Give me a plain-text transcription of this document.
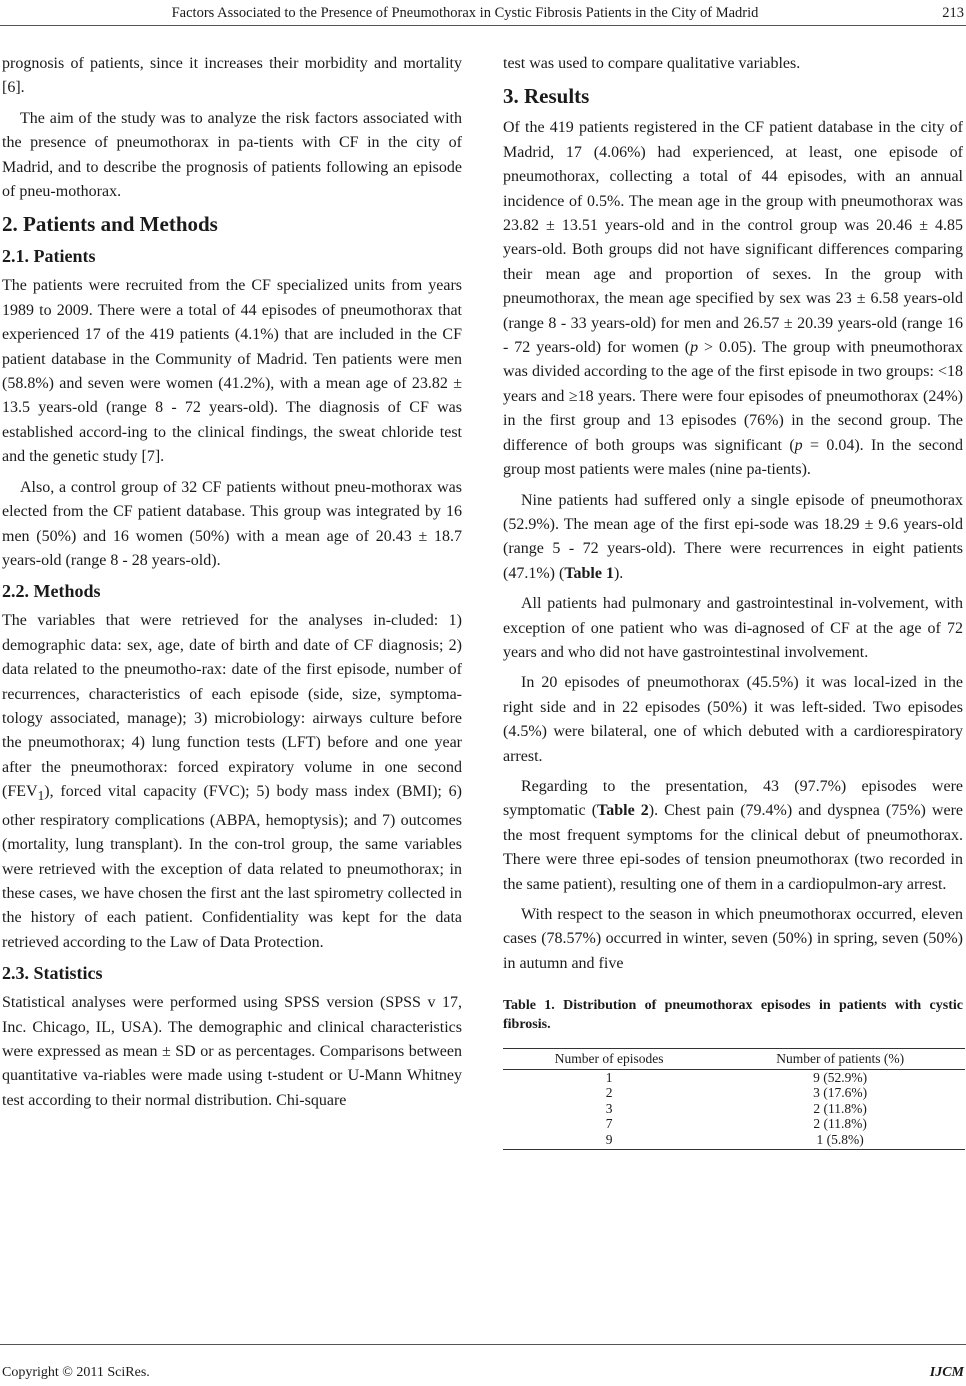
Factors Associated to the Presence of Pneumothorax in Cystic Fibrosis Patients in the City of Madrid	213

prognosis of patients, since it increases their morbidity and mortality [6].

The aim of the study was to analyze the risk factors associated with the presence of pneumothorax in pa-tients with CF in the city of Madrid, and to describe the prognosis of patients following an episode of pneu-mothorax.

2. Patients and Methods
2.1. Patients

The patients were recruited from the CF specialized units from years 1989 to 2009. There were a total of 44 episodes of pneumothorax that experienced 17 of the 419 patients (4.1%) that are included in the CF patient database in the Community of Madrid. Ten patients were men (58.8%) and seven were women (41.2%), with a mean age of 23.82 ± 13.5 years-old (range 8 - 72 years-old). The diagnosis of CF was established accord-ing to the clinical findings, the sweat chloride test and the genetic study [7].

Also, a control group of 32 CF patients without pneu-mothorax was elected from the CF patient database. This group was integrated by 16 men (50%) and 16 women (50%) with a mean age of 20.43 ± 18.7 years-old (range 8 - 28 years-old).

2.2. Methods

The variables that were retrieved for the analyses in-cluded: 1) demographic data: sex, age, date of birth and date of CF diagnosis; 2) data related to the pneumotho-rax: date of the first episode, number of recurrences, characteristics of each episode (side, size, symptoma-tology associated, manage); 3) microbiology: airways culture before the pneumothorax; 4) lung function tests (LFT) before and one year after the pneumothorax: forced expiratory volume in one second $(FEV_1)$, forced vital capacity (FVC); 5) body mass index (BMI); 6) other respiratory complications (ABPA, hemoptysis); and 7) outcomes (mortality, lung transplant). In the con-trol group, the same variables were retrieved with the exception of data related to pneumothorax; in these cases, we have chosen the first ant the last spirometry collected in the history of each patient. Confidentiality was kept for the data retrieved according to the Law of Data Protection.

2.3. Statistics

Statistical analyses were performed using SPSS version (SPSS v 17, Inc. Chicago, IL, USA). The demographic and clinical characteristics were expressed as mean ± SD or as percentages. Comparisons between quantitative va-riables were made using t-student or U-Mann Whitney test according to their normal distribution. Chi-square

test was used to compare qualitative variables.

3. Results

Of the 419 patients registered in the CF patient database in the city of Madrid, 17 (4.06%) had experienced, at least, one episode of pneumothorax, collecting a total of 44 episodes, with an annual incidence of 0.5%. The mean age in the group with pneumothorax was 23.82 ± 13.51 years-old and in the control group was 20.46 ± 4.85 years-old. Both groups did not have significant differences comparing their mean age and proportion of sexes. In the group with pneumothorax, the mean age specified by sex was 23 ± 6.58 years-old (range 8 - 33 years-old) for men and 26.57 ± 20.39 years-old (range 16 - 72 years-old) for women (p > 0.05). The group with pneumothorax was divided according to the age of the first episode in two groups: <18 years and ≥18 years. There were four episodes of pneumothorax (24%) in the first group and 13 episodes (76%) in the second group. The difference of both groups was significant (p = 0.04). In the second group most patients were males (nine pa-tients).

Nine patients had suffered only a single episode of pneumothorax (52.9%). The mean age of the first epi-sode was 18.29 ± 9.6 years-old (range 5 - 72 years-old). There were recurrences in eight patients (47.1%) (Table 1).

All patients had pulmonary and gastrointestinal in-volvement, with exception of one patient who was di-agnosed of CF at the age of 72 years and who did not have gastrointestinal involvement.

In 20 episodes of pneumothorax (45.5%) it was local-ized in the right side and in 22 episodes (50%) it was left-sided. Two episodes (4.5%) were bilateral, one of which debuted with a cardiorespiratory arrest.

Regarding to the presentation, 43 (97.7%) episodes were symptomatic (Table 2). Chest pain (79.4%) and dyspnea (75%) were the most frequent symptoms for the clinical debut of pneumothorax. There were three epi-sodes of tension pneumothorax (two recorded in the same patient), resulting one of them in a cardiopulmon-ary arrest.

With respect to the season in which pneumothorax occurred, eleven cases (78.57%) occurred in winter, seven (50%) in spring, seven (50%) in autumn and five

Table 1. Distribution of pneumothorax episodes in patients with cystic fibrosis.
Number of episodes	Number of patients (%)
1	9 (52.9%)
2	3 (17.6%)
3	2 (11.8%)
7	2 (11.8%)
9	1 (5.8%)
Copyright © 2011 SciRes.	IJCM
